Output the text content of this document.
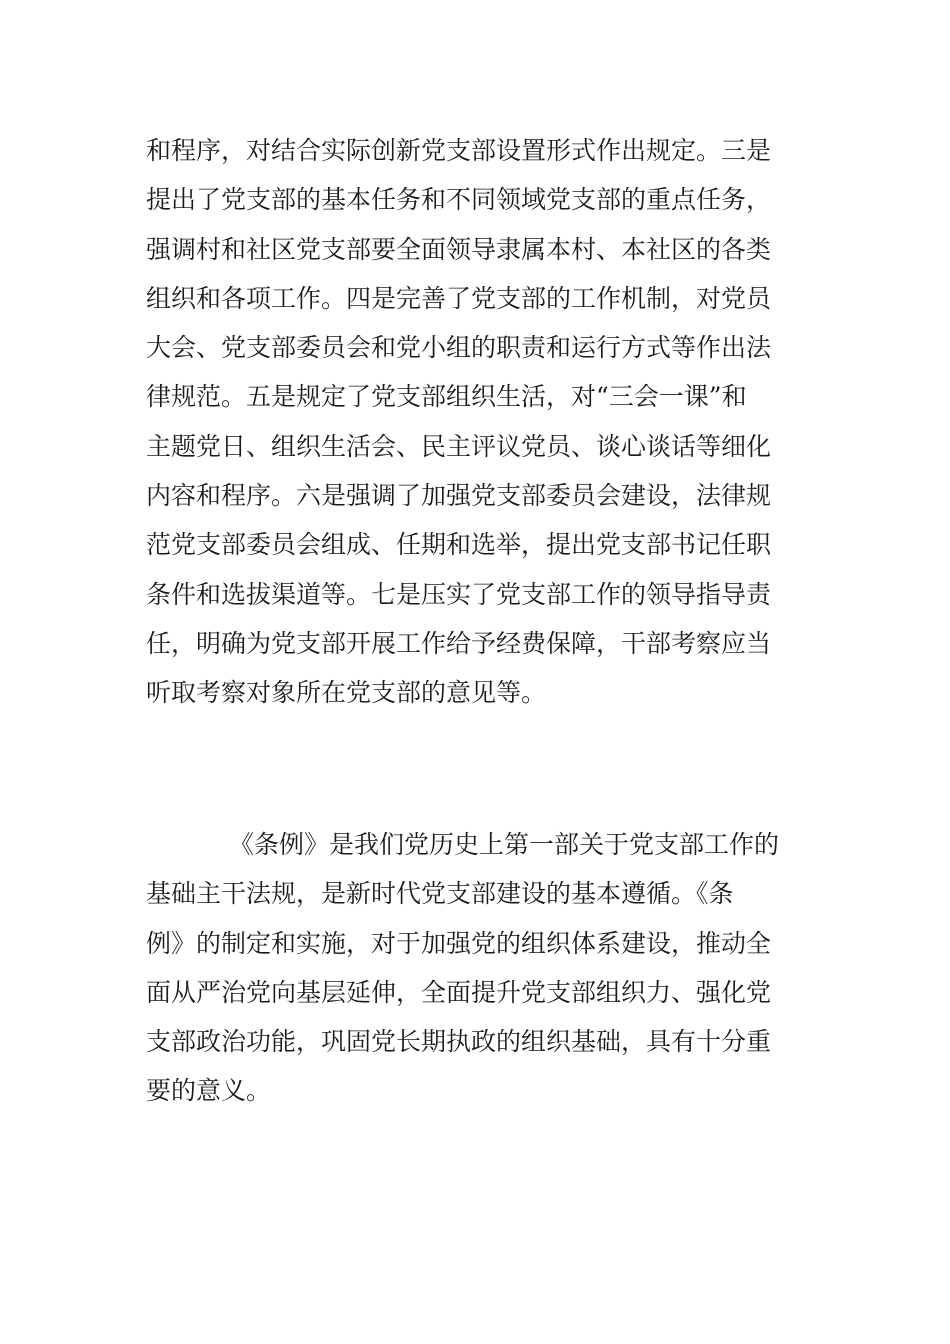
和程序，对结合实际创新党支部设置形式作出规定。三是
提出了党支部的基本任务和不同领域党支部的重点任务，
强调村和社区党支部要全面领导隶属本村、本社区的各类
组织和各项工作。四是完善了党支部的工作机制，对党员
大会、党支部委员会和党小组的职责和运行方式等作出法
律规范。五是规定了党支部组织生活，对“三会一课”和
主题党日、组织生活会、民主评议党员、谈心谈话等细化
内容和程序。六是强调了加强党支部委员会建设，法律规
范党支部委员会组成、任期和选举，提出党支部书记任职
条件和选拔渠道等。七是压实了党支部工作的领导指导责
任，明确为党支部开展工作给予经费保障，干部考察应当
听取考察对象所在党支部的意见等。
《条例》是我们党历史上第一部关于党支部工作的
基础主干法规，是新时代党支部建设的基本遵循。《条
例》的制定和实施，对于加强党的组织体系建设，推动全
面从严治党向基层延伸，全面提升党支部组织力、强化党
支部政治功能，巩固党长期执政的组织基础，具有十分重
要的意义。
